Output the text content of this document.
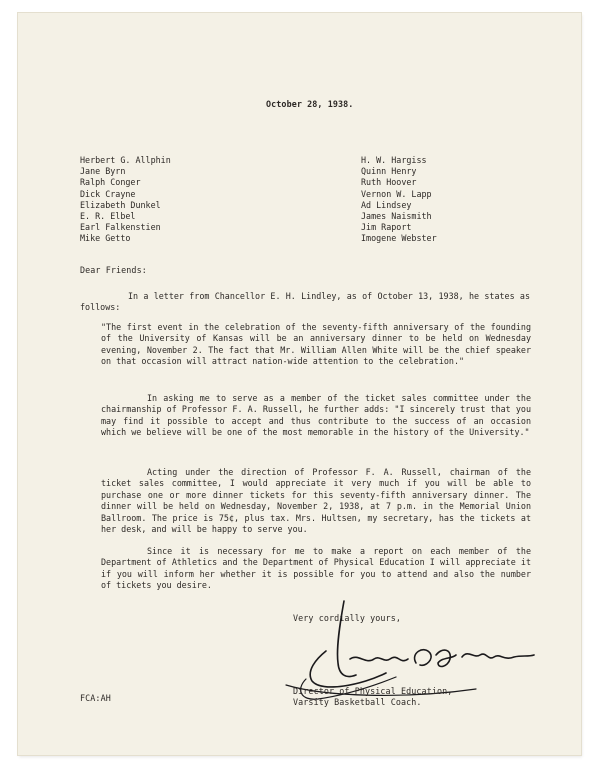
October 28, 1938.
Herbert G. Allphin
Jane Byrn
Ralph Conger
Dick Crayne
Elizabeth Dunkel
E. R. Elbel
Earl Falkenstien
Mike Getto
H. W. Hargiss
Quinn Henry
Ruth Hoover
Vernon W. Lapp
Ad Lindsey
James Naismith
Jim Raport
Imogene Webster
Dear Friends:
In a letter from Chancellor E. H. Lindley, as of October 13, 1938, he states as follows:
"The first event in the celebration of the seventy-fifth anniversary of the founding of the University of Kansas will be an anniversary dinner to be held on Wednesday evening, November 2. The fact that Mr. William Allen White will be the chief speaker on that occasion will attract nation-wide attention to the celebration."
In asking me to serve as a member of the ticket sales committee under the chairmanship of Professor F. A. Russell, he further adds: "I sincerely trust that you may find it possible to accept and thus contribute to the success of an occasion which we believe will be one of the most memorable in the history of the University."
Acting under the direction of Professor F. A. Russell, chairman of the ticket sales committee, I would appreciate it very much if you will be able to purchase one or more dinner tickets for this seventy-fifth anniversary dinner. The dinner will be held on Wednesday, November 2, 1938, at 7 p.m. in the Memorial Union Ballroom. The price is 75¢, plus tax. Mrs. Hultsen, my secretary, has the tickets at her desk, and will be happy to serve you.
Since it is necessary for me to make a report on each member of the Department of Athletics and the Department of Physical Education I will appreciate it if you will inform her whether it is possible for you to attend and also the number of tickets you desire.
Very cordially yours,
Director of Physical Education,
Varsity Basketball Coach.
FCA:AH
